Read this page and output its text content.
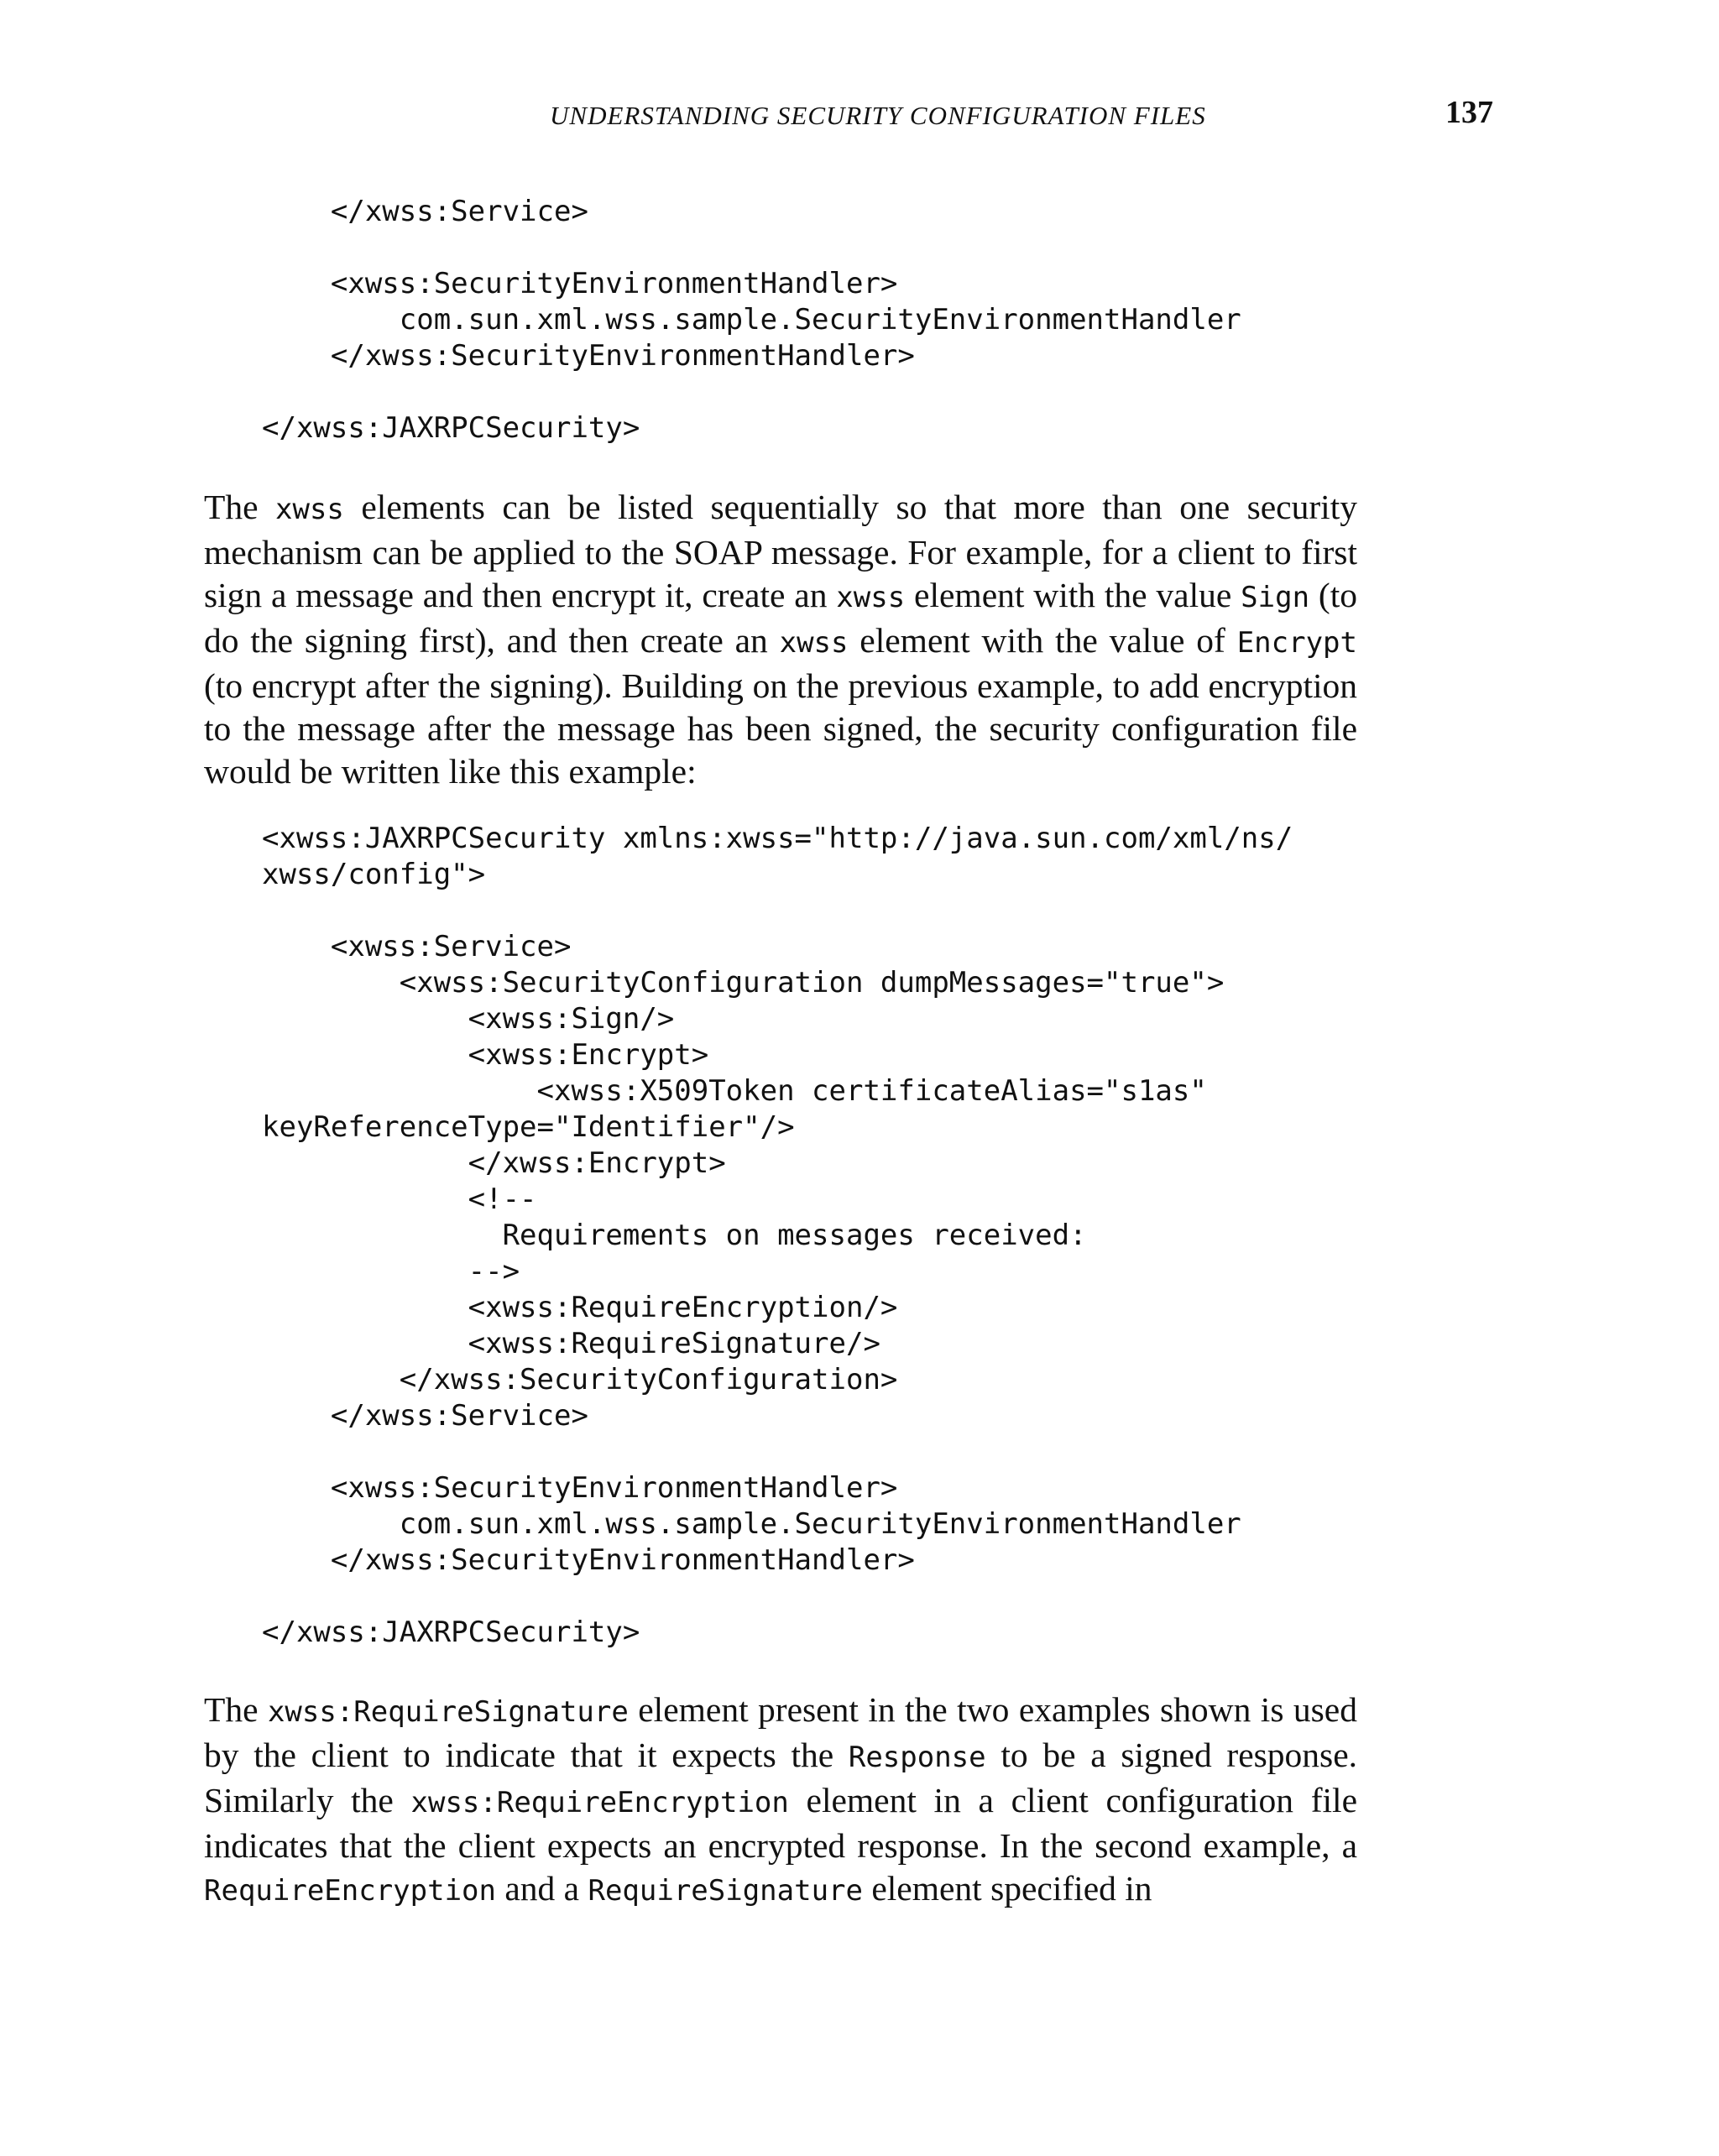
UNDERSTANDING SECURITY CONFIGURATION FILES	137
</xwss:Service>

<xwss:SecurityEnvironmentHandler>
com.sun.xml.wss.sample.SecurityEnvironmentHandler
</xwss:SecurityEnvironmentHandler>

</xwss:JAXRPCSecurity>

The xwss elements can be listed sequentially so that more than one security mechanism can be applied to the SOAP message. For example, for a client to first sign a message and then encrypt it, create an xwss element with the value Sign (to do the signing first), and then create an xwss element with the value of Encrypt (to encrypt after the signing). Building on the previous example, to add encryption to the message after the message has been signed, the security configuration file would be written like this example:

<xwss:JAXRPCSecurity xmlns:xwss="http://java.sun.com/xml/ns/
xwss/config">

<xwss:Service>
<xwss:SecurityConfiguration dumpMessages="true">
<xwss:Sign/>
<xwss:Encrypt>
<xwss:X509Token certificateAlias="s1as"
keyReferenceType="Identifier"/>
</xwss:Encrypt>
<!--
Requirements on messages received:
-->
<xwss:RequireEncryption/>
<xwss:RequireSignature/>
</xwss:SecurityConfiguration>
</xwss:Service>

<xwss:SecurityEnvironmentHandler>
com.sun.xml.wss.sample.SecurityEnvironmentHandler
</xwss:SecurityEnvironmentHandler>

</xwss:JAXRPCSecurity>

The xwss:RequireSignature element present in the two examples shown is used by the client to indicate that it expects the Response to be a signed response. Similarly the xwss:RequireEncryption element in a client configuration file indicates that the client expects an encrypted response. In the second example, a RequireEncryption and a RequireSignature element specified in
